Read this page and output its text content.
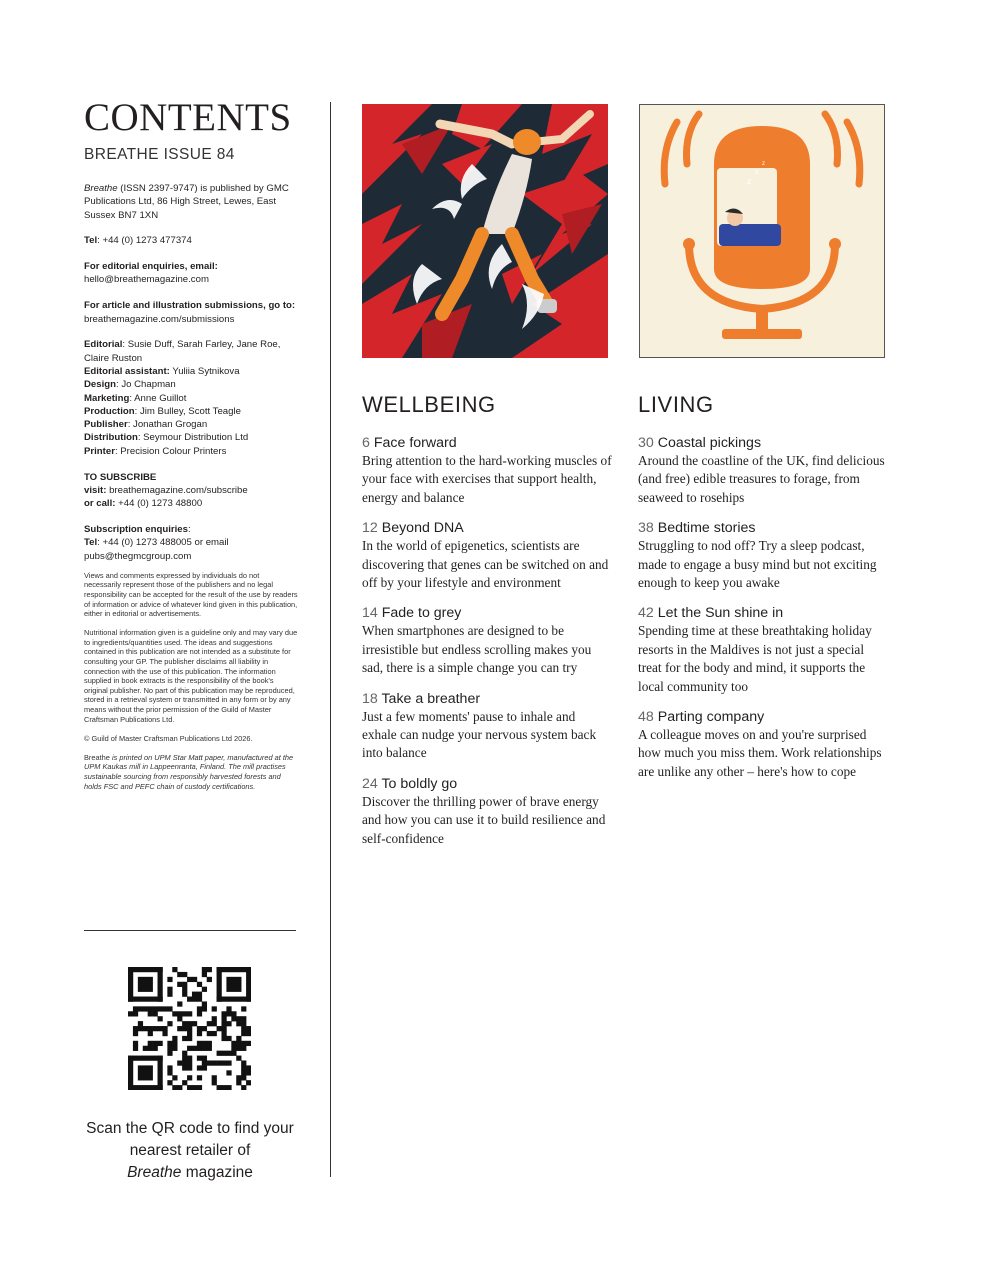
CONTENTS
BREATHE ISSUE 84

Breathe (ISSN 2397-9747) is published by GMC Publications Ltd, 86 High Street, Lewes, East Sussex BN7 1XN

Tel: +44 (0) 1273 477374

For editorial enquiries, email:
hello@breathemagazine.com

For article and illustration submissions, go to:
breathemagazine.com/submissions

Editorial: Susie Duff, Sarah Farley, Jane Roe, Claire Ruston
Editorial assistant: Yuliia Sytnikova
Design: Jo Chapman
Marketing: Anne Guillot
Production: Jim Bulley, Scott Teagle
Publisher: Jonathan Grogan
Distribution: Seymour Distribution Ltd
Printer: Precision Colour Printers

TO SUBSCRIBE
visit: breathemagazine.com/subscribe
or call: +44 (0) 1273 48800

Subscription enquiries:
Tel: +44 (0) 1273 488005 or email
pubs@thegmcgroup.com

Views and comments expressed by individuals do not necessarily represent those of the publishers and no legal responsibility can be accepted for the result of the use by readers of information or advice of whatever kind given in this publication, either in editorial or advertisements.

Nutritional information given is a guideline only and may vary due to ingredients/quantities used. The ideas and suggestions contained in this publication are not intended as a substitute for consulting your GP. The publisher disclaims all liability in connection with the use of this publication. The information supplied in book extracts is the responsibility of the book's original publisher. No part of this publication may be reproduced, stored in a retrieval system or transmitted in any form or by any means without the prior permission of the Guild of Master Craftsman Publications Ltd.

© Guild of Master Craftsman Publications Ltd 2026.

Breathe is printed on UPM Star Matt paper, manufactured at the UPM Kaukas mill in Lappeenranta, Finland. The mill practises sustainable sourcing from responsibly harvested forests and holds FSC and PEFC chain of custody certifications.

Scan the QR code to find your nearest retailer of
Breathe magazine
z
z
z
WELLBEING
6 Face forward
Bring attention to the hard-working muscles of your face with exercises that support health, energy and balance
12 Beyond DNA
In the world of epigenetics, scientists are discovering that genes can be switched on and off by your lifestyle and environment
14 Fade to grey
When smartphones are designed to be irresistible but endless scrolling makes you sad, there is a simple change you can try
18 Take a breather
Just a few moments' pause to inhale and exhale can nudge your nervous system back into balance
24 To boldly go
Discover the thrilling power of brave energy and how you can use it to build resilience and self-confidence
LIVING
30 Coastal pickings
Around the coastline of the UK, find delicious (and free) edible treasures to forage, from seaweed to rosehips
38 Bedtime stories
Struggling to nod off? Try a sleep podcast, made to engage a busy mind but not exciting enough to keep you awake
42 Let the Sun shine in
Spending time at these breathtaking holiday resorts in the Maldives is not just a special treat for the body and mind, it supports the local community too
48 Parting company
A colleague moves on and you're surprised how much you miss them. Work relationships are unlike any other – here's how to cope
